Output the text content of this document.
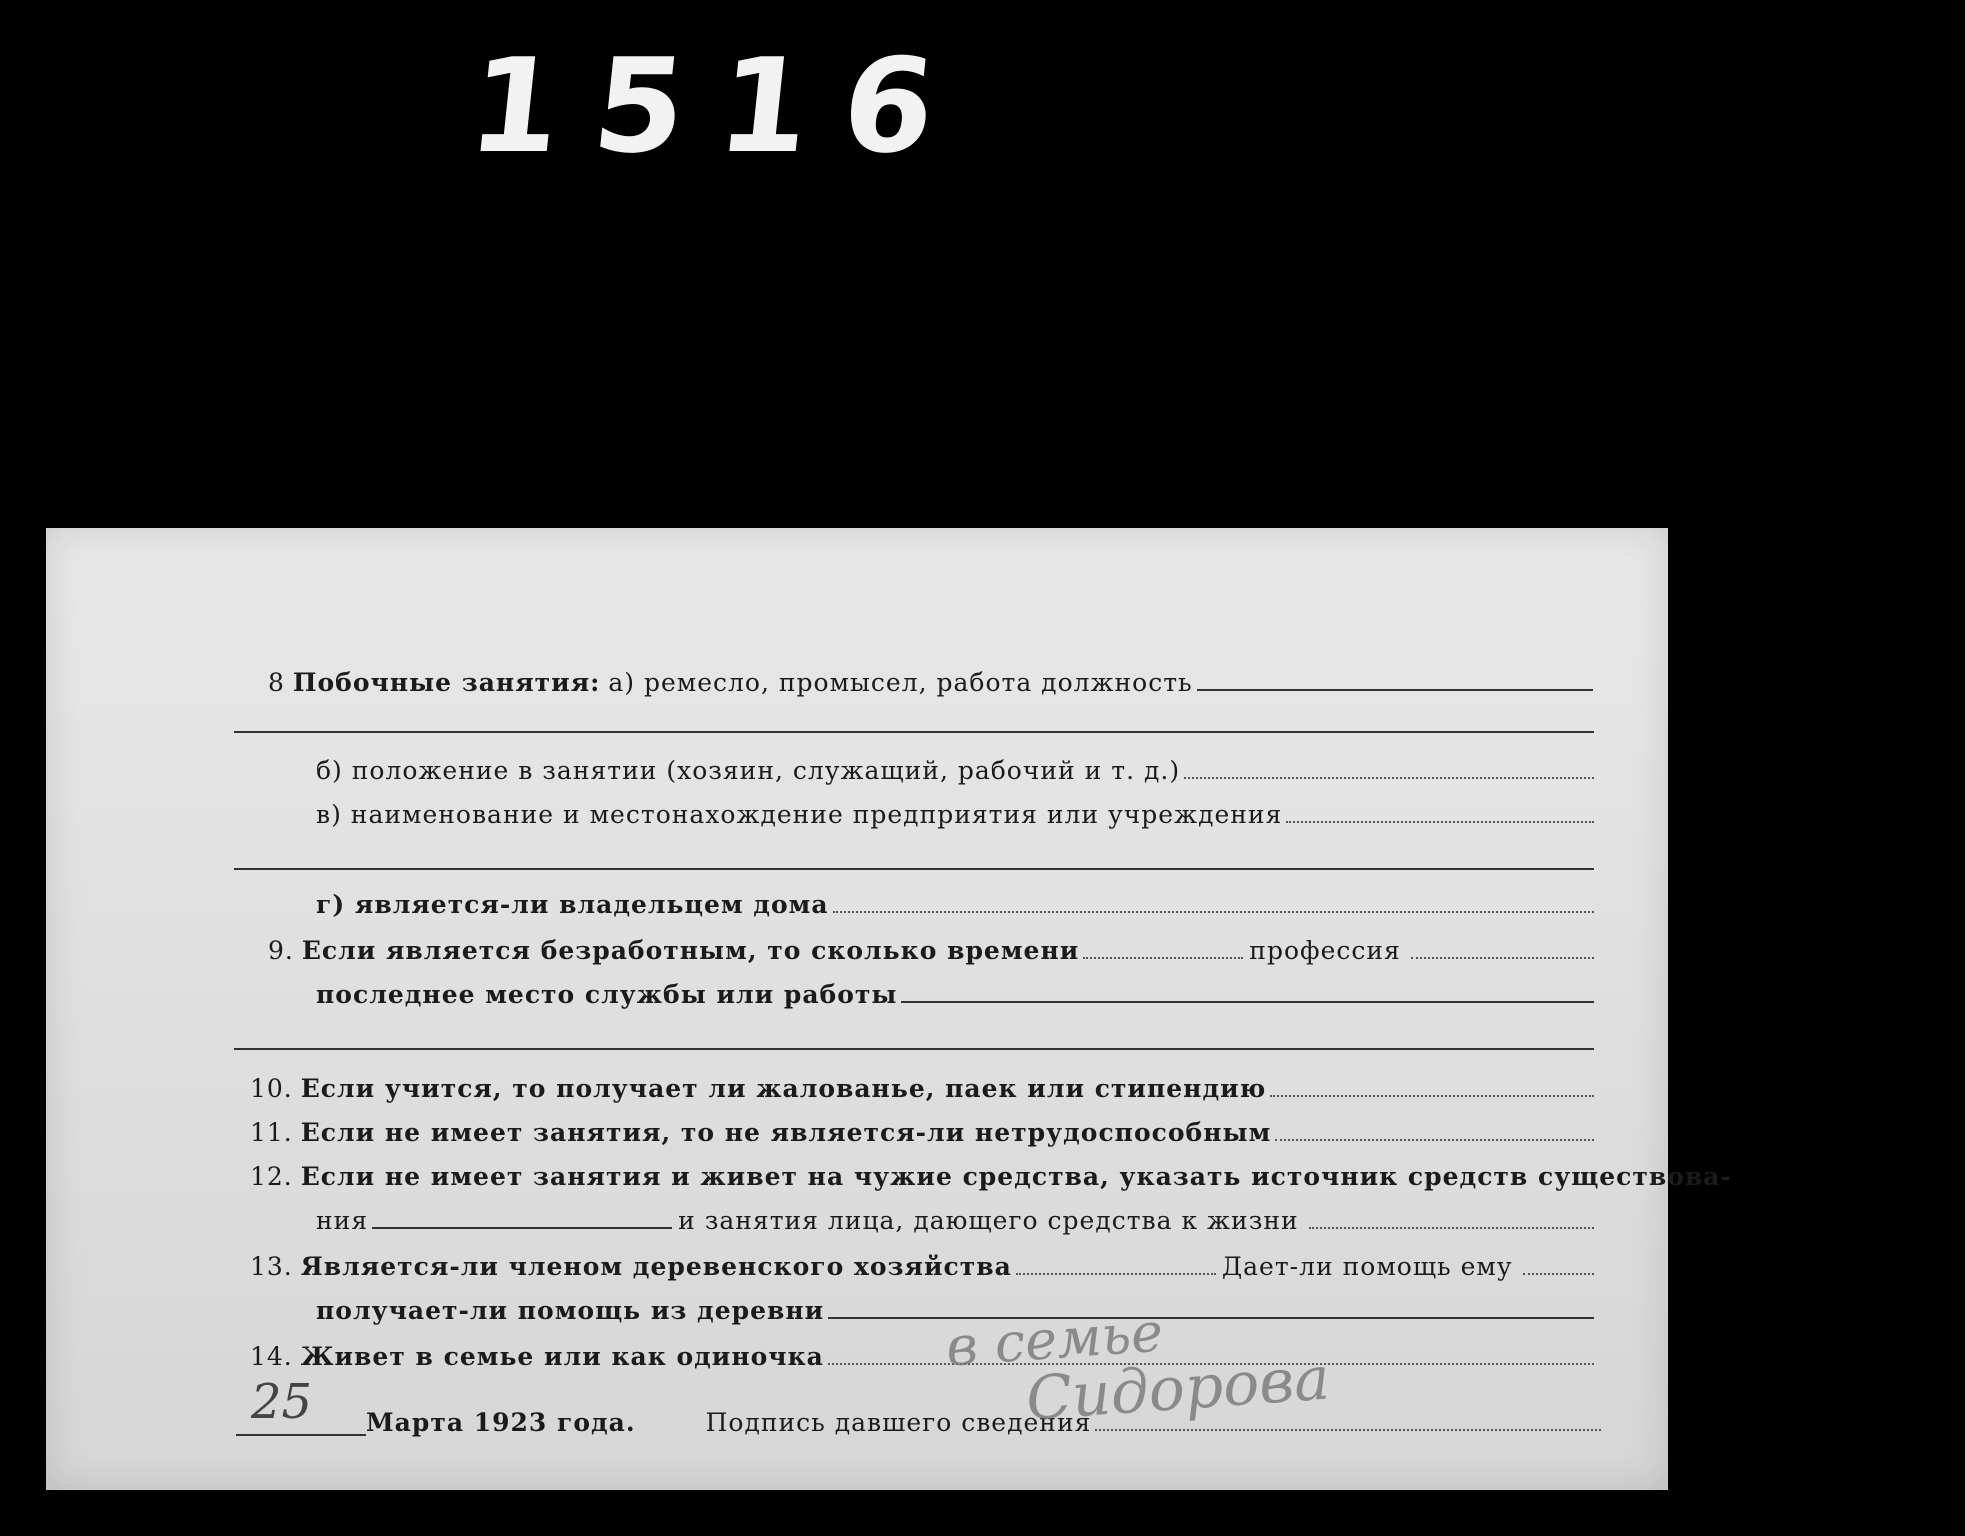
1516
8
Побочные занятия:
а) ремесло, промысел, работа должность
б) положение в занятии (хозяин, служащий, рабочий и т. д.)
в) наименование и местонахождение предприятия или учреждения
г) является-ли владельцем дома
9.
Если является безработным, то сколько времени	профессия
последнее место службы или работы
10.
Если учится, то получает ли жалованье, паек или стипендию
11.
Если не имеет занятия, то не является-ли нетрудоспособным
12.
Если не имеет занятия и живет на чужие средства, указать источник средств существова-
ния	и занятия лица, дающего средства к жизни
13.
Является-ли членом деревенского хозяйства	Дает-ли помощь ему
получает-ли помощь из деревни
14.
Живет в семье или как одиночка в семье
25 Марта 1923 года.	Подпись давшего сведения
Сидорова
